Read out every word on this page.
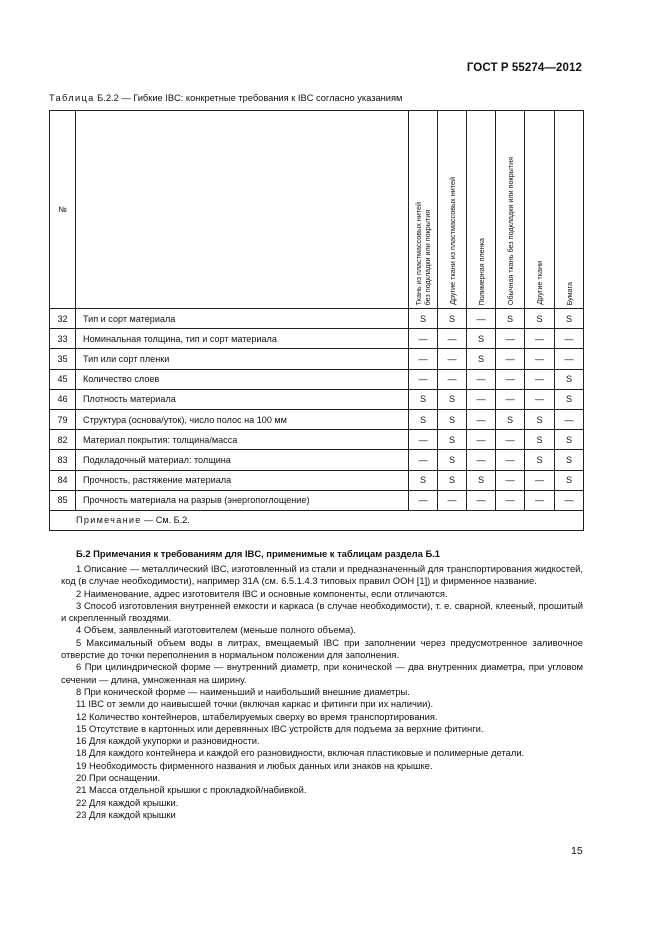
ГОСТ Р 55274—2012
Таблица Б.2.2 — Гибкие IBC: конкретные требования к IBC согласно указаниям
№		Ткань из пластмассовых нитей
без подкладки или покрытия	Другие ткани из пластмассовых нитей	Полимерная пленка	Обычная ткань без подкладки или покрытия	Другие ткани	Бумага

32	Тип и сорт материала	S	S	—	S	S	S
33	Номинальная толщина, тип и сорт материала	—	—	S	—	—	—
35	Тип или сорт пленки	—	—	S	—	—	—
45	Количество слоев	—	—	—	—	—	S
46	Плотность материала	S	S	—	—	—	S
79	Структура (основа/уток), число полос на 100 мм	S	S	—	S	S	—
82	Материал покрытия: толщина/масса	—	S	—	—	S	S
83	Подкладочный материал: толщина	—	S	—	—	S	S
84	Прочность, растяжение материала	S	S	S	—	—	S
85	Прочность материала на разрыв (энергопоглощение)	—	—	—	—	—	—
Примечание — См. Б.2.							
Б.2 Примечания к требованиям для IBC, применимые к таблицам раздела Б.1

1 Описание — металлический IBC, изготовленный из стали и предназначенный для транспортирования жидкостей, код (в случае необходимости), например 31А (см. 6.5.1.4.3 типовых правил ООН [1]) и фирменное название.

2 Наименование, адрес изготовителя IBC и основные компоненты, если отличаются.

3 Способ изготовления внутренней емкости и каркаса (в случае необходимости), т. е. сварной, клееный, прошитый и скрепленный гвоздями.

4 Объем, заявленный изготовителем (меньше полного объема).

5 Максимальный объем воды в литрах, вмещаемый IBC при заполнении через предусмотренное заливочное отверстие до точки переполнения в нормальном положении для заполнения.

6 При цилиндрической форме — внутренний диаметр, при конической — два внутренних диаметра, при угловом сечении — длина, умноженная на ширину.

8 При конической форме — наименьший и наибольший внешние диаметры.

11 IBC от земли до наивысшей точки (включая каркас и фитинги при их наличии).

12 Количество контейнеров, штабелируемых сверху во время транспортирования.

15 Отсутствие в картонных или деревянных IBC устройств для подъема за верхние фитинги.

16 Для каждой укупорки и разновидности.

18 Для каждого контейнера и каждой его разновидности, включая пластиковые и полимерные детали.

19 Необходимость фирменного названия и любых данных или знаков на крышке.

20 При оснащении.

21 Масса отдельной крышки с прокладкой/набивкой.

22 Для каждой крышки.

23 Для каждой крышки

15
